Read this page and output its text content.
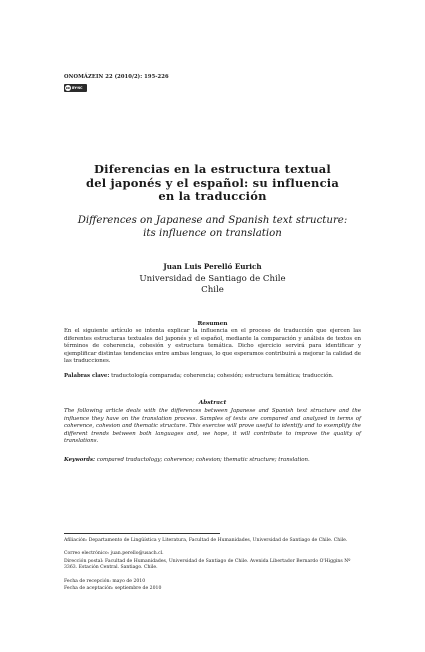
ONOMÁZEIN 22 (2010/2): 195-226
cc BY-NC
Diferencias en la estructura textual
del japonés y el español: su influencia
en la traducción
Differences on Japanese and Spanish text structure:
its influence on translation
Juan Luis Perelló Eurich
Universidad de Santiago de Chile
Chile
Resumen
En el siguiente artículo se intenta explicar la influencia en el proceso de traducción que ejercen las diferentes estructuras textuales del japonés y el español, mediante la comparación y análisis de textos en términos de coherencia, cohesión y estructura temática. Dicho ejercicio servirá para identificar y ejemplificar distintas tendencias entre ambas lenguas, lo que esperamos contribuirá a mejorar la calidad de las traducciones.
Palabras clave: traductología comparada; coherencia; cohesión; estructura temática; traducción.
Abstract
The following article deals with the differences between Japanese and Spanish text structure and the influence they have on the translation process. Samples of texts are compared and analyzed in terms of coherence, cohesion and thematic structure. This exercise will prove useful to identify and to exemplify the different trends between both languages and, we hope, it will contribute to improve the quality of translations.
Keywords: compared traductology; coherence; cohesion; thematic structure; translation.
Afiliación: Departamento de Lingüística y Literatura, Facultad de Humanidades, Universidad de Santiago de Chile. Chile.
Correo electrónico: juan.perello@usach.cl.
Dirección postal: Facultad de Humanidades, Universidad de Santiago de Chile. Avenida Libertador Bernardo O'Higgins Nº 3363. Estación Central. Santiago. Chile.
Fecha de recepción: mayo de 2010
Fecha de aceptación: septiembre de 2010
